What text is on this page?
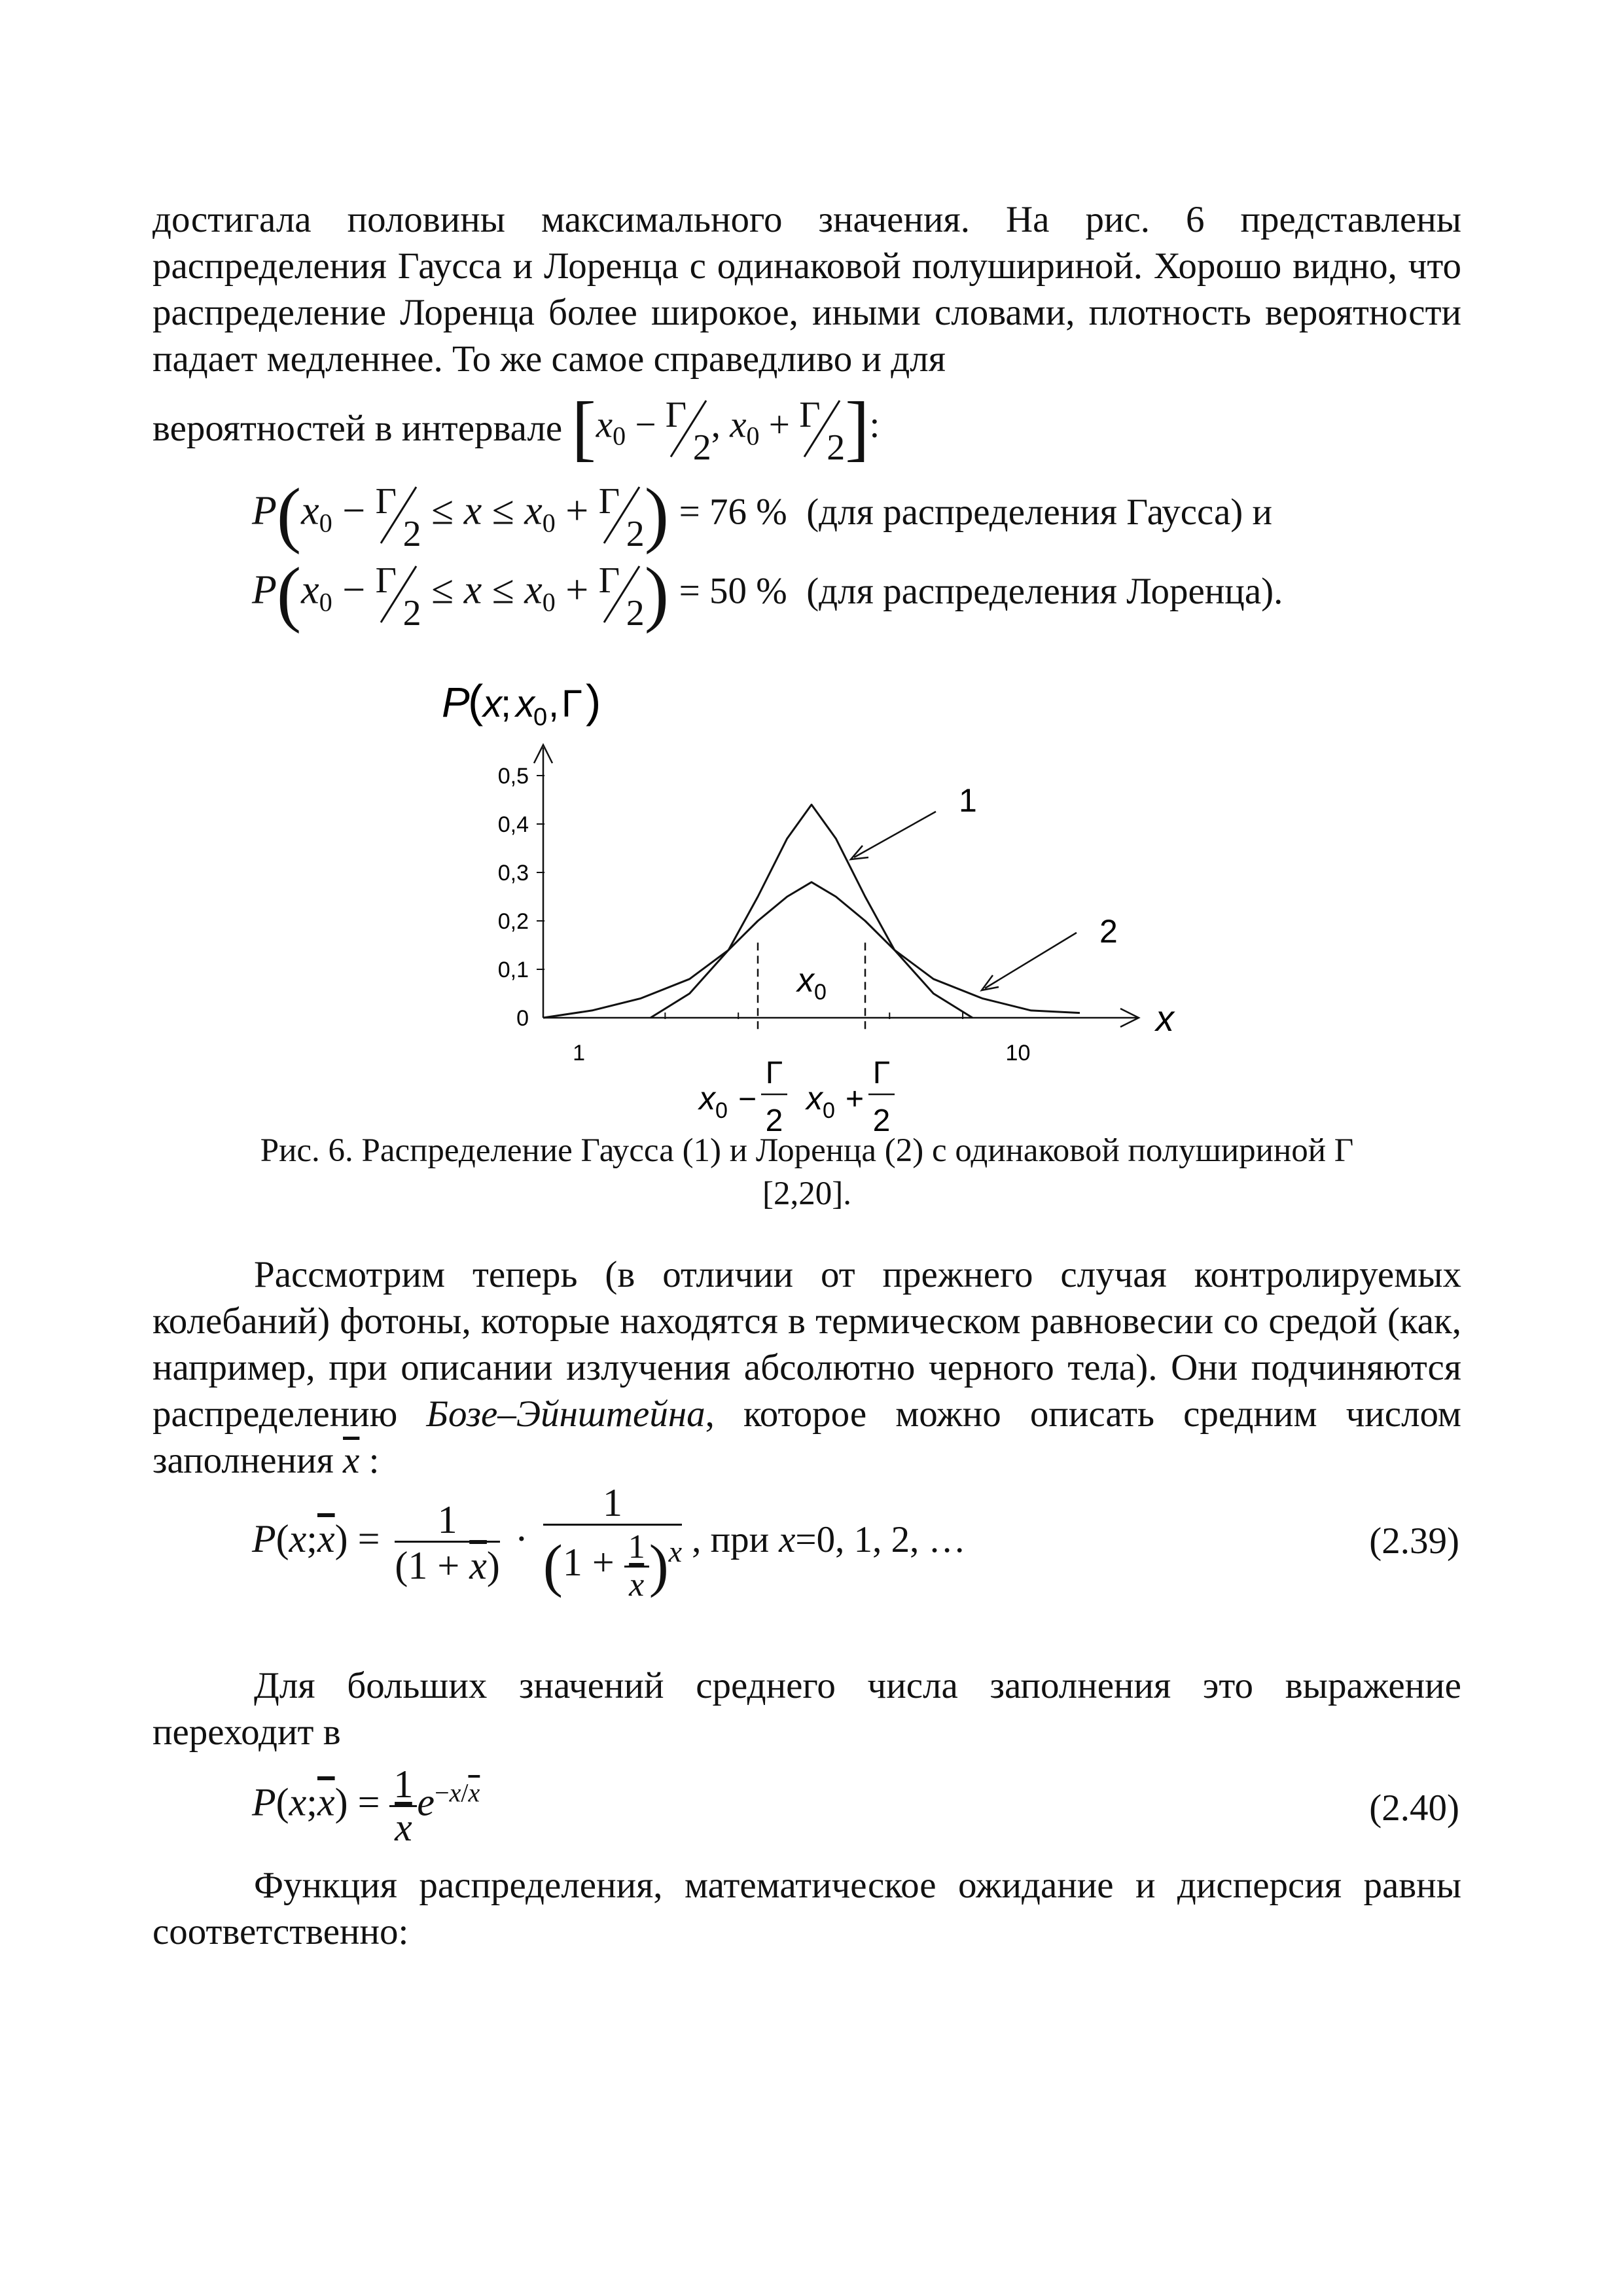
достигала половины максимального значения. На рис. 6 представлены распределения Гаусса и Лоренца с одинаковой полушириной. Хорошо видно, что распределение Лоренца более широкое, иными словами, плотность вероятности падает медленнее. То же самое справедливо и для

вероятностей в интервале [$x_0 - \Gamma$
2
, $x_0 + \Gamma$
2 ]:
$P(x_0 - \Gamma$
2
≤ $x \le x_0 + \Gamma$
2 ) = 76 % (для распределения Гаусса) и
$P(x_0 - \Gamma$
2
≤ $x \le x_0 + \Gamma$
2 ) = 50 % (для распределения Лоренца).
P
( x
; x
0 , Γ )
x
0
0,1
0,2
0,3
0,4
0,5
1	10
x 0
x 0 −
Γ
2
x 0 +
Γ
2
1
2
Рис. 6. Распределение Гаусса (1) и Лоренца (2) с одинаковой полушириной Г
[2,20].

Рассмотрим теперь (в отличии от прежнего случая контролируемых колебаний) фотоны, которые находятся в термическом равновесии со средой (как, например, при описании излучения абсолютно черного тела). Они подчиняются распределению Бозе–Эйнштейна, которое можно описать средним числом заполнения $\overline{x}$ :

$P(x;\overline{x}) = \frac{1}{(1 + \overline{x})} \cdot \frac{1}{(1 + \frac{1}{x} )^x}$ , при x=0, 1, 2, …	(2.39)

Для больших значений среднего числа заполнения это выражение переходит в

$P(x;\overline{x}) = \frac{1}{x} e^{-x/\overline{x}}$	(2.40)

Функция распределения, математическое ожидание и дисперсия равны соответственно:
